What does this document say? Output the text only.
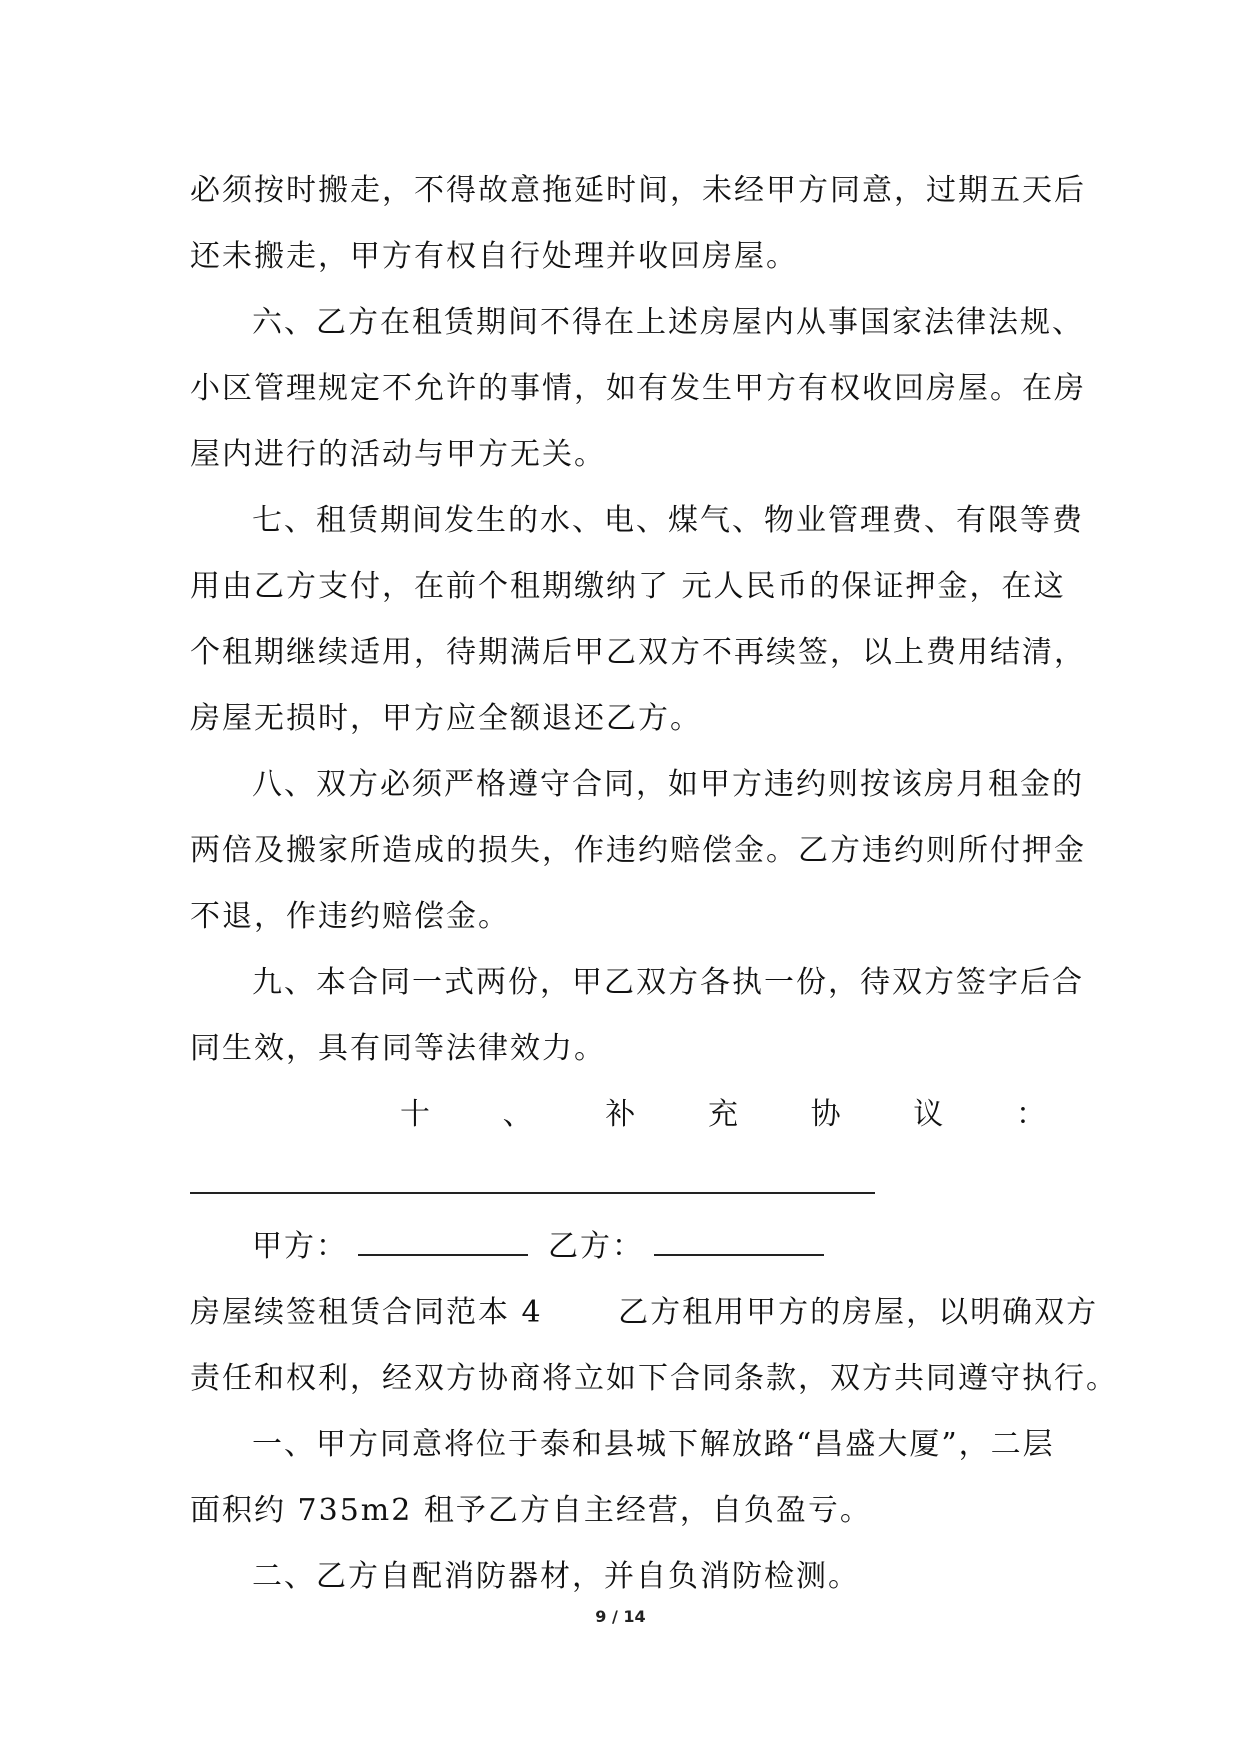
必须按时搬走，不得故意拖延时间，未经甲方同意，过期五天后
还未搬走，甲方有权自行处理并收回房屋。
六、乙方在租赁期间不得在上述房屋内从事国家法律法规、
小区管理规定不允许的事情，如有发生甲方有权收回房屋。在房
屋内进行的活动与甲方无关。
七、租赁期间发生的水、电、煤气、物业管理费、有限等费
用由乙方支付，在前个租期缴纳了 元人民币的保证押金，在这
个租期继续适用，待期满后甲乙双方不再续签，以上费用结清，
房屋无损时，甲方应全额退还乙方。
八、双方必须严格遵守合同，如甲方违约则按该房月租金的
两倍及搬家所造成的损失，作违约赔偿金。乙方违约则所付押金
不退，作违约赔偿金。
九、本合同一式两份，甲乙双方各执一份，待双方签字后合
同生效，具有同等法律效力。
十 、 补 充 协 议 ：
甲方：	乙方：
房屋续签租赁合同范本 4　　 乙方租用甲方的房屋，以明确双方
责任和权利，经双方协商将立如下合同条款，双方共同遵守执行。
一、甲方同意将位于泰和县城下解放路“昌盛大厦”，二层
面积约 735m2 租予乙方自主经营，自负盈亏。
二、乙方自配消防器材，并自负消防检测。
9 / 14
